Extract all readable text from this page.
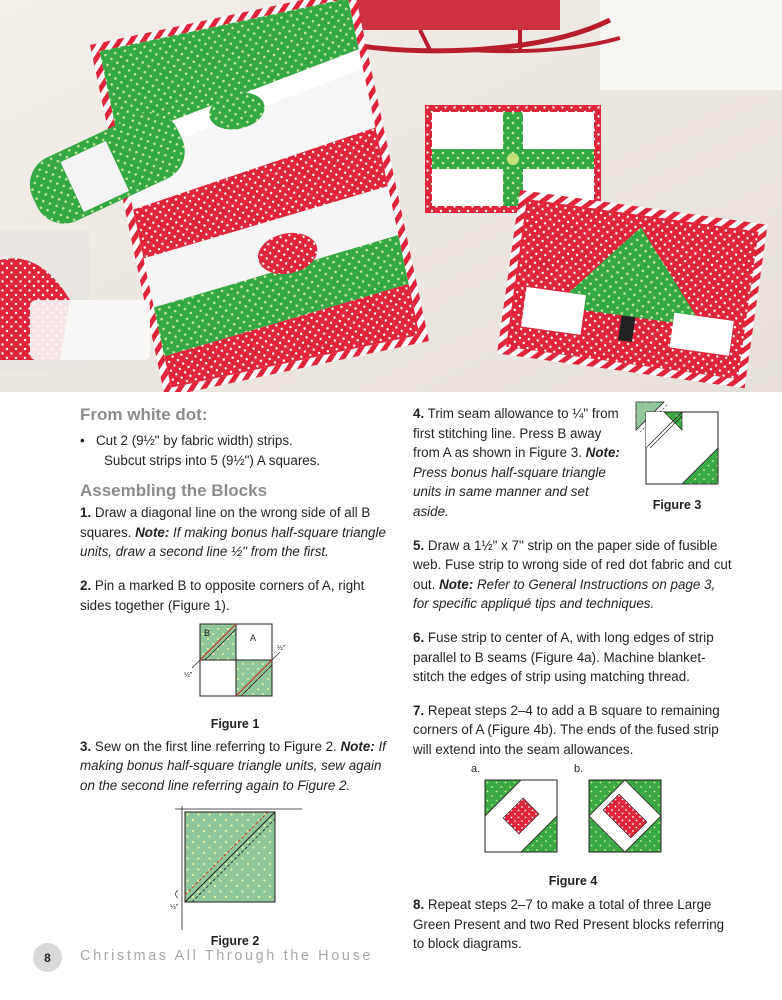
From white dot:
• Cut 2 (9½" by fabric width) strips.
Subcut strips into 5 (9½") A squares.
Assembling the Blocks
1. Draw a diagonal line on the wrong side of all B squares. Note: If making bonus half-square triangle units, draw a second line ½" from the first.
2. Pin a marked B to opposite corners of A, right sides together (Figure 1).
B	A
½"
½"
Figure 1
3. Sew on the first line referring to Figure 2. Note: If making bonus half-square triangle units, sew again on the second line referring again to Figure 2.
½"
Figure 2
4. Trim seam allowance to ¼" from first stitching line. Press B away from A as shown in Figure 3. Note: Press bonus half-square triangle units in same manner and set aside.	Figure 3
5. Draw a 1½" x 7" strip on the paper side of fusible web. Fuse strip to wrong side of red dot fabric and cut out. Note: Refer to General Instructions on page 3, for specific appliqué tips and techniques.
6. Fuse strip to center of A, with long edges of strip parallel to B seams (Figure 4a). Machine blanket-stitch the edges of strip using matching thread.
7. Repeat steps 2–4 to add a B square to remaining corners of A (Figure 4b). The ends of the fused strip will extend into the seam allowances.
a.	b.
Figure 4
8. Repeat steps 2–7 to make a total of three Large Green Present and two Red Present blocks referring to block diagrams.
8	Christmas All Through the House
